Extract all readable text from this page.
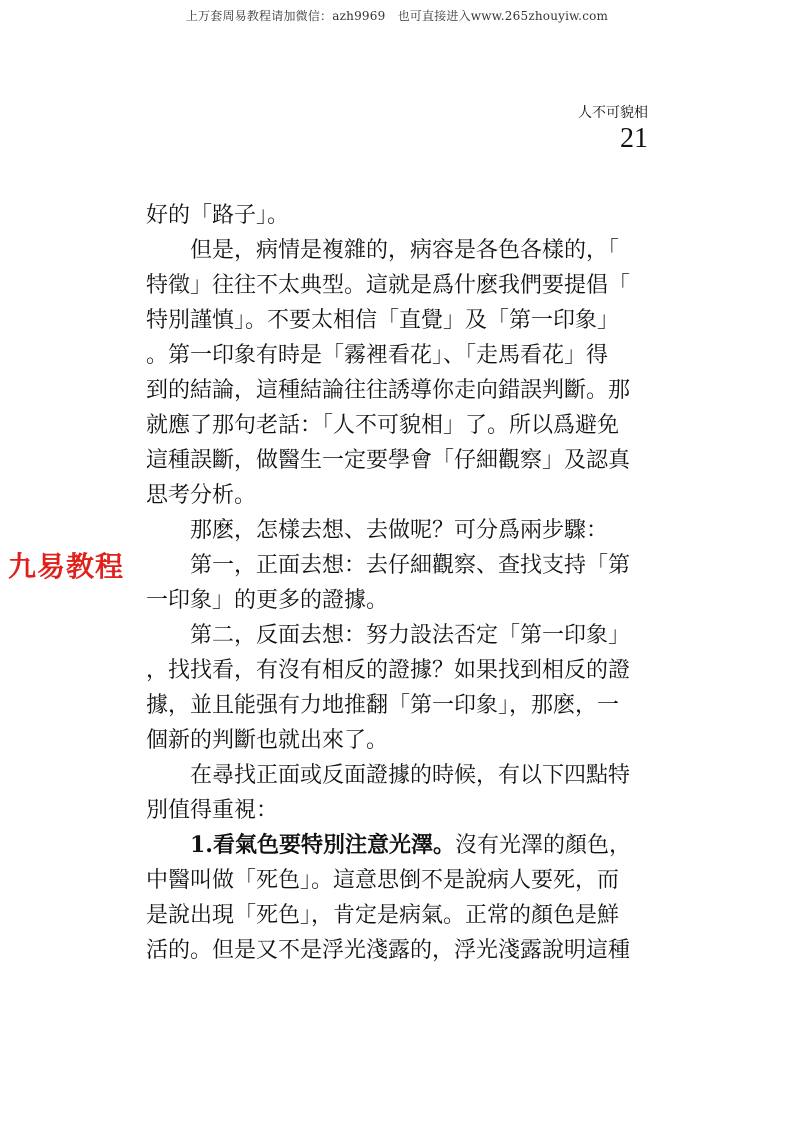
上万套周易教程请加微信：azh9969　也可直接进入www.265zhouyiw.com
人不可貌相
21
九易教程
好的「路子」。
但是，病情是複雜的，病容是各色各樣的，「
特徵」往往不太典型。這就是爲什麽我們要提倡「
特別謹慎」。不要太相信「直覺」及「第一印象」
。第一印象有時是「霧裡看花」、「走馬看花」得
到的結論，這種結論往往誘導你走向錯誤判斷。那
就應了那句老話：「人不可貌相」了。所以爲避免
這種誤斷，做醫生一定要學會「仔細觀察」及認真
思考分析。
那麽，怎樣去想、去做呢？可分爲兩步驟：
第一，正面去想：去仔細觀察、查找支持「第
一印象」的更多的證據。
第二，反面去想：努力設法否定「第一印象」
，找找看，有沒有相反的證據？如果找到相反的證
據，並且能强有力地推翻「第一印象」，那麽，一
個新的判斷也就出來了。
在尋找正面或反面證據的時候，有以下四點特
別值得重視：
1.看氣色要特別注意光澤。沒有光澤的顏色，
中醫叫做「死色」。這意思倒不是說病人要死，而
是說出現「死色」，肯定是病氣。正常的顏色是鮮
活的。但是又不是浮光淺露的，浮光淺露說明這種
